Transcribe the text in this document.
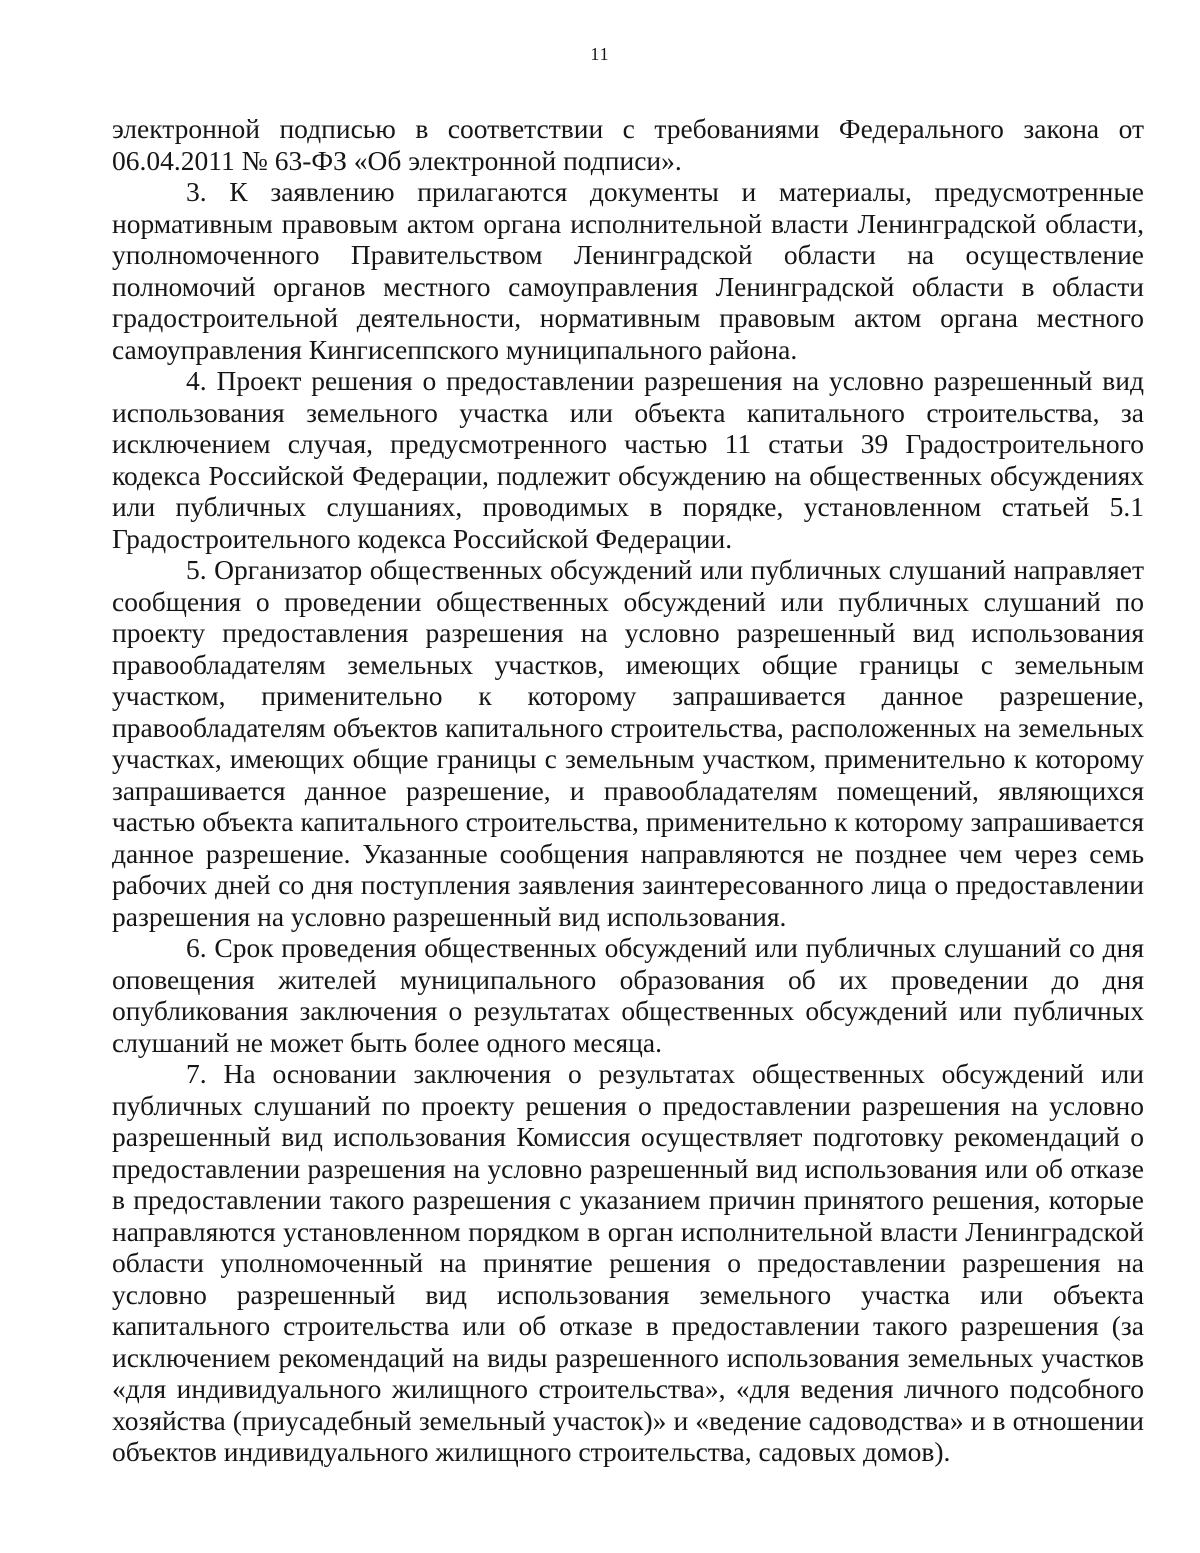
11

электронной подписью в соответствии с требованиями Федерального закона от 06.04.2011 № 63-ФЗ «Об электронной подписи».

3. К заявлению прилагаются документы и материалы, предусмотренные нормативным правовым актом органа исполнительной власти Ленинградской области, уполномоченного Правительством Ленинградской области на осуществление полномочий органов местного самоуправления Ленинградской области в области градостроительной деятельности, нормативным правовым актом органа местного самоуправления Кингисеппского муниципального района.

4. Проект решения о предоставлении разрешения на условно разрешенный вид использования земельного участка или объекта капитального строительства, за исключением случая, предусмотренного частью 11 статьи 39 Градостроительного кодекса Российской Федерации, подлежит обсуждению на общественных обсуждениях или публичных слушаниях, проводимых в порядке, установленном статьей 5.1 Градостроительного кодекса Российской Федерации.

5. Организатор общественных обсуждений или публичных слушаний направляет сообщения о проведении общественных обсуждений или публичных слушаний по проекту предоставления разрешения на условно разрешенный вид использования правообладателям земельных участков, имеющих общие границы с земельным участком, применительно к которому запрашивается данное разрешение, правообладателям объектов капитального строительства, расположенных на земельных участках, имеющих общие границы с земельным участком, применительно к которому запрашивается данное разрешение, и правообладателям помещений, являющихся частью объекта капитального строительства, применительно к которому запрашивается данное разрешение. Указанные сообщения направляются не позднее чем через семь рабочих дней со дня поступления заявления заинтересованного лица о предоставлении разрешения на условно разрешенный вид использования.

6. Срок проведения общественных обсуждений или публичных слушаний со дня оповещения жителей муниципального образования об их проведении до дня опубликования заключения о результатах общественных обсуждений или публичных слушаний не может быть более одного месяца.

7. На основании заключения о результатах общественных обсуждений или публичных слушаний по проекту решения о предоставлении разрешения на условно разрешенный вид использования Комиссия осуществляет подготовку рекомендаций о предоставлении разрешения на условно разрешенный вид использования или об отказе в предоставлении такого разрешения с указанием причин принятого решения, которые направляются установленном порядком в орган исполнительной власти Ленинградской области уполномоченный на принятие решения о предоставлении разрешения на условно разрешенный вид использования земельного участка или объекта капитального строительства или об отказе в предоставлении такого разрешения (за исключением рекомендаций на виды разрешенного использования земельных участков «для индивидуального жилищного строительства», «для ведения личного подсобного хозяйства (приусадебный земельный участок)» и «ведение садоводства» и в отношении объектов индивидуального жилищного строительства, садовых домов).
